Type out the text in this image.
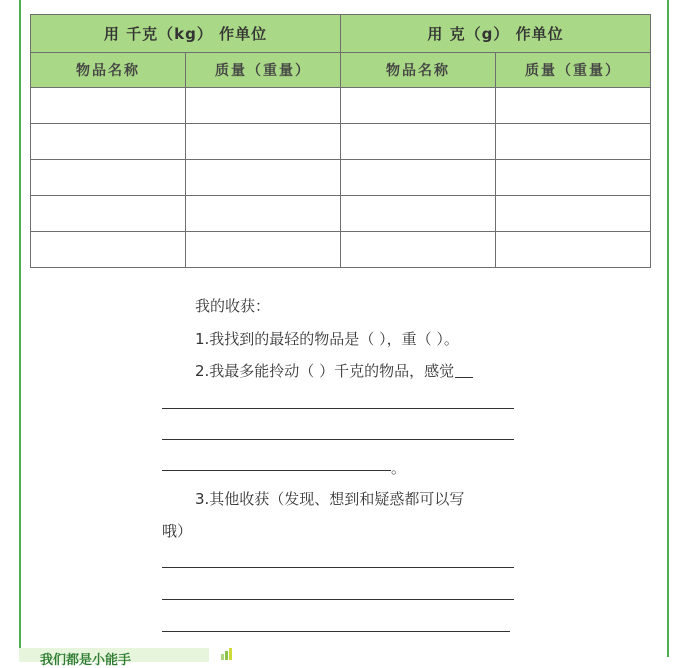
用 千克（kg） 作单位		用 克（g） 作单位	
物品名称	质量（重量）	物品名称	质量（重量）

我的收获：
1.我找到的最轻的物品是（ ），重（ ）。
2.我最多能拎动（ ）千克的物品，感觉
。
3.其他收获（发现、想到和疑惑都可以写
哦）
我们都是小能手
